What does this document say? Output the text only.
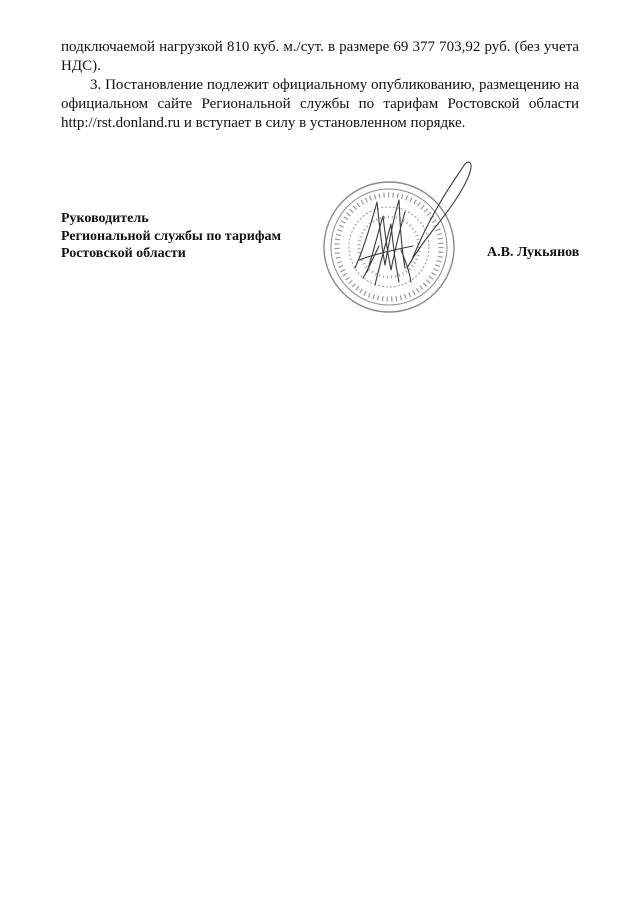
подключаемой нагрузкой 810 куб. м./сут. в размере 69 377 703,92 руб. (без учета НДС).

3. Постановление подлежит официальному опубликованию, размещению на официальном сайте Региональной службы по тарифам Ростовской области http://rst.donland.ru и вступает в силу в установленном порядке.

Руководитель
Региональной службы по тарифам
Ростовской области	А.В. Лукьянов
